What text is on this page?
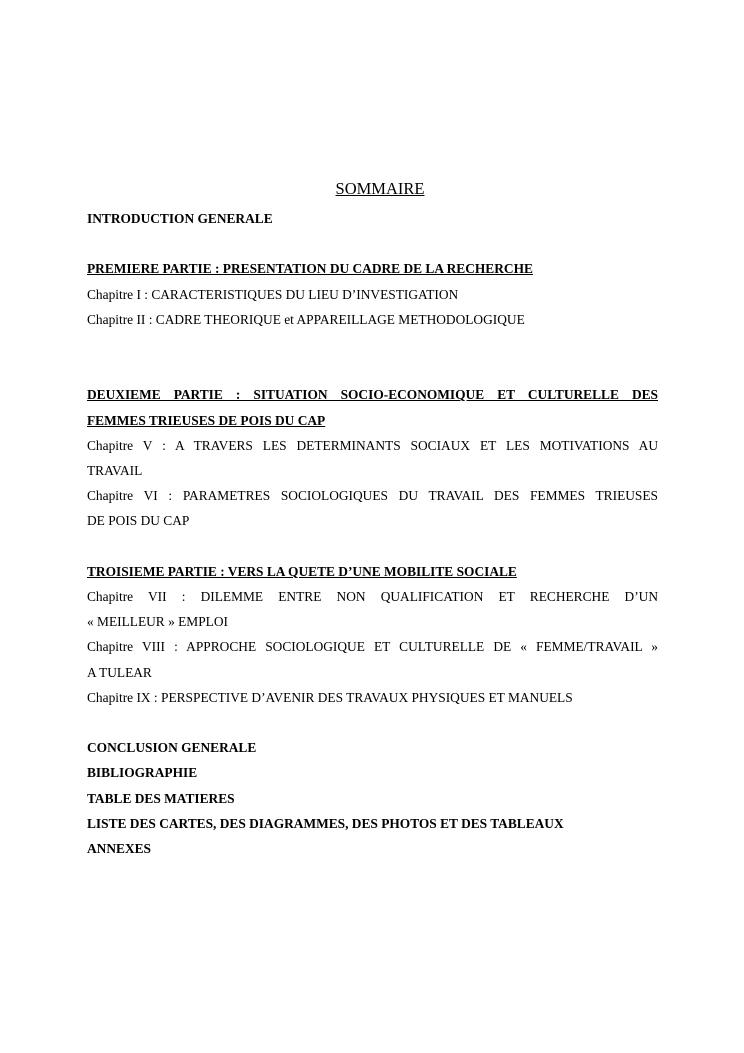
SOMMAIRE
INTRODUCTION GENERALE
PREMIERE PARTIE : PRESENTATION DU CADRE DE LA RECHERCHE
Chapitre I : CARACTERISTIQUES DU LIEU D’INVESTIGATION
Chapitre II : CADRE THEORIQUE et APPAREILLAGE METHODOLOGIQUE
DEUXIEME PARTIE : SITUATION SOCIO-ECONOMIQUE ET CULTURELLE DES
FEMMES TRIEUSES DE POIS DU CAP
Chapitre V : A TRAVERS LES DETERMINANTS SOCIAUX ET LES MOTIVATIONS AU
TRAVAIL
Chapitre VI : PARAMETRES SOCIOLOGIQUES DU TRAVAIL DES FEMMES TRIEUSES
DE POIS DU CAP
TROISIEME PARTIE : VERS LA QUETE D’UNE MOBILITE SOCIALE
Chapitre VII : DILEMME ENTRE NON QUALIFICATION ET RECHERCHE D’UN
« MEILLEUR » EMPLOI
Chapitre VIII : APPROCHE SOCIOLOGIQUE ET CULTURELLE DE « FEMME/TRAVAIL »
A TULEAR
Chapitre IX : PERSPECTIVE D’AVENIR DES TRAVAUX PHYSIQUES ET MANUELS
CONCLUSION GENERALE
BIBLIOGRAPHIE
TABLE DES MATIERES
LISTE DES CARTES, DES DIAGRAMMES, DES PHOTOS ET DES TABLEAUX
ANNEXES
